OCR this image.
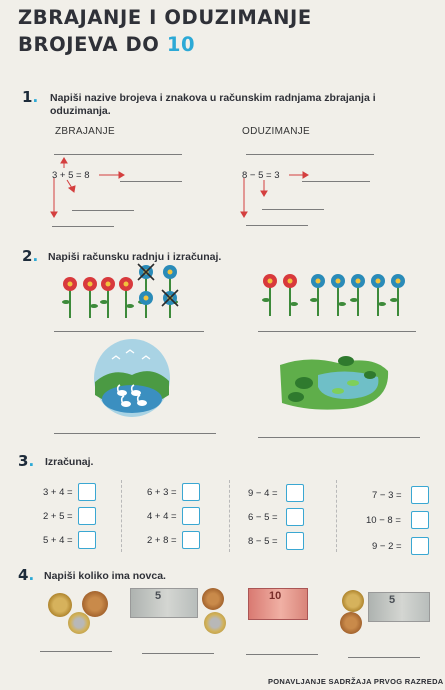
ZBRAJANJE I ODUZIMANJE
BROJEVA DO 10
1. Napiši nazive brojeva i znakova u računskim radnjama zbrajanja i oduzimanja.
ZBRAJANJE	ODUZIMANJE
3 + 5 = 8	8 − 5 = 3
2. Napiši računsku radnju i izračunaj.
3. Izračunaj.
3 + 4 =
2 + 5 =
5 + 4 =
6 + 3 =
4 + 4 =
2 + 8 =
9 − 4 =
6 − 5 =
8 − 5 =
7 − 3 =
10 − 8 =
9 − 2 =
4. Napiši koliko ima novca.
5	10	5
PONAVLJANJE SADRŽAJA PRVOG RAZREDA
